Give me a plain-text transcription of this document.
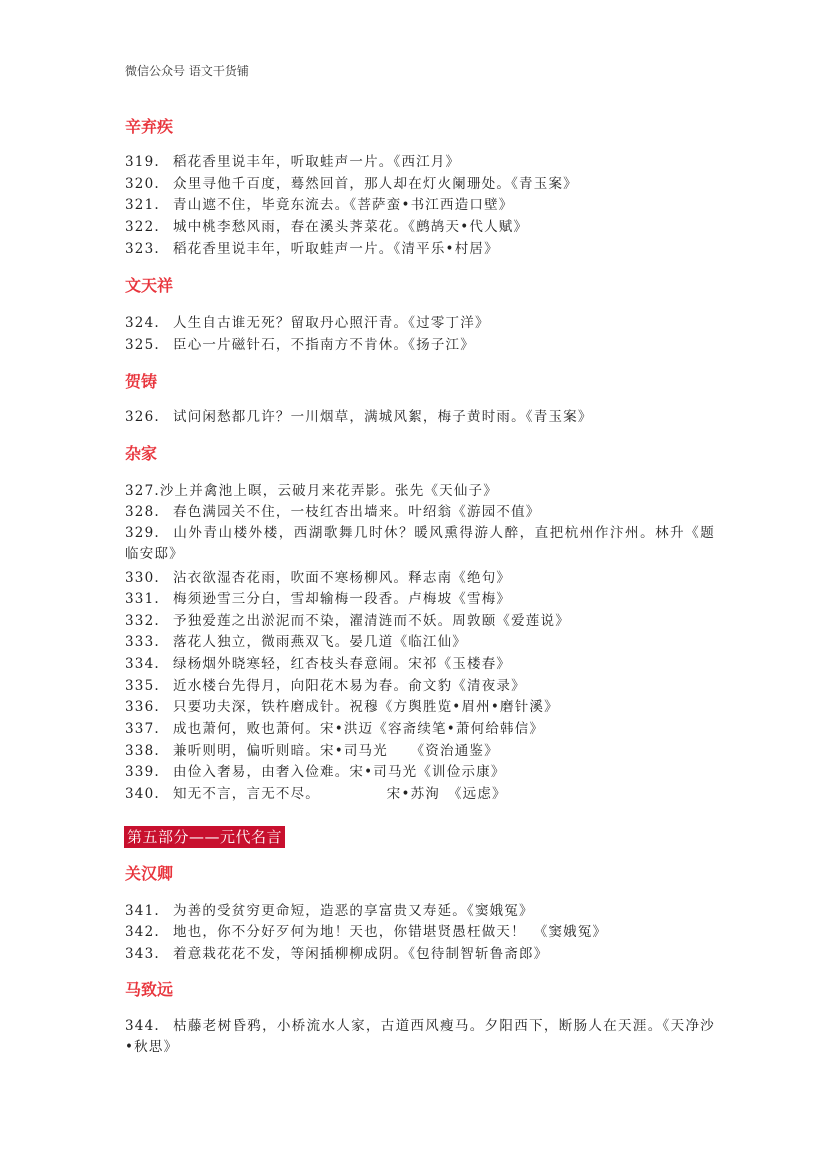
微信公众号 语文干货铺
辛弃疾
319. 稻花香里说丰年，听取蛙声一片。《西江月》
320. 众里寻他千百度，蓦然回首，那人却在灯火阑珊处。《青玉案》
321. 青山遮不住，毕竟东流去。《菩萨蛮•书江西造口壁》
322. 城中桃李愁风雨，春在溪头荠菜花。《鹧鸪天•代人赋》
323. 稻花香里说丰年，听取蛙声一片。《清平乐•村居》
文天祥
324. 人生自古谁无死？留取丹心照汗青。《过零丁洋》
325. 臣心一片磁针石，不指南方不肯休。《扬子江》
贺铸
326. 试问闲愁都几许？一川烟草，满城风絮，梅子黄时雨。《青玉案》
杂家
327.沙上并禽池上暝，云破月来花弄影。张先《天仙子》
328. 春色满园关不住，一枝红杏出墙来。叶绍翁《游园不值》
329. 山外青山楼外楼，西湖歌舞几时休？暖风熏得游人醉，直把杭州作汴州。林升《题临安邸》
330. 沾衣欲湿杏花雨，吹面不寒杨柳风。释志南《绝句》
331. 梅须逊雪三分白，雪却输梅一段香。卢梅坡《雪梅》
332. 予独爱莲之出淤泥而不染，濯清涟而不妖。周敦颐《爱莲说》
333. 落花人独立，微雨燕双飞。晏几道《临江仙》
334. 绿杨烟外晓寒轻，红杏枝头春意闹。宋祁《玉楼春》
335. 近水楼台先得月，向阳花木易为春。俞文豹《清夜录》
336. 只要功夫深，铁杵磨成针。祝穆《方舆胜览•眉州•磨针溪》
337. 成也萧何，败也萧何。宋•洪迈《容斋续笔•萧何给韩信》
338. 兼听则明，偏听则暗。宋•司马光　　《资治通鉴》
339. 由俭入奢易，由奢入俭难。宋•司马光《训俭示康》
340. 知无不言，言无不尽。　　　　　宋•苏洵　《远虑》
第五部分——元代名言
关汉卿
341. 为善的受贫穷更命短，造恶的享富贵又寿延。《窦娥冤》
342. 地也，你不分好歹何为地！天也，你错堪贤愚枉做天！　《窦娥冤》
343. 着意栽花花不发，等闲插柳柳成阴。《包待制智斩鲁斋郎》
马致远
344. 枯藤老树昏鸦，小桥流水人家，古道西风瘦马。夕阳西下，断肠人在天涯。《天净沙•秋思》
